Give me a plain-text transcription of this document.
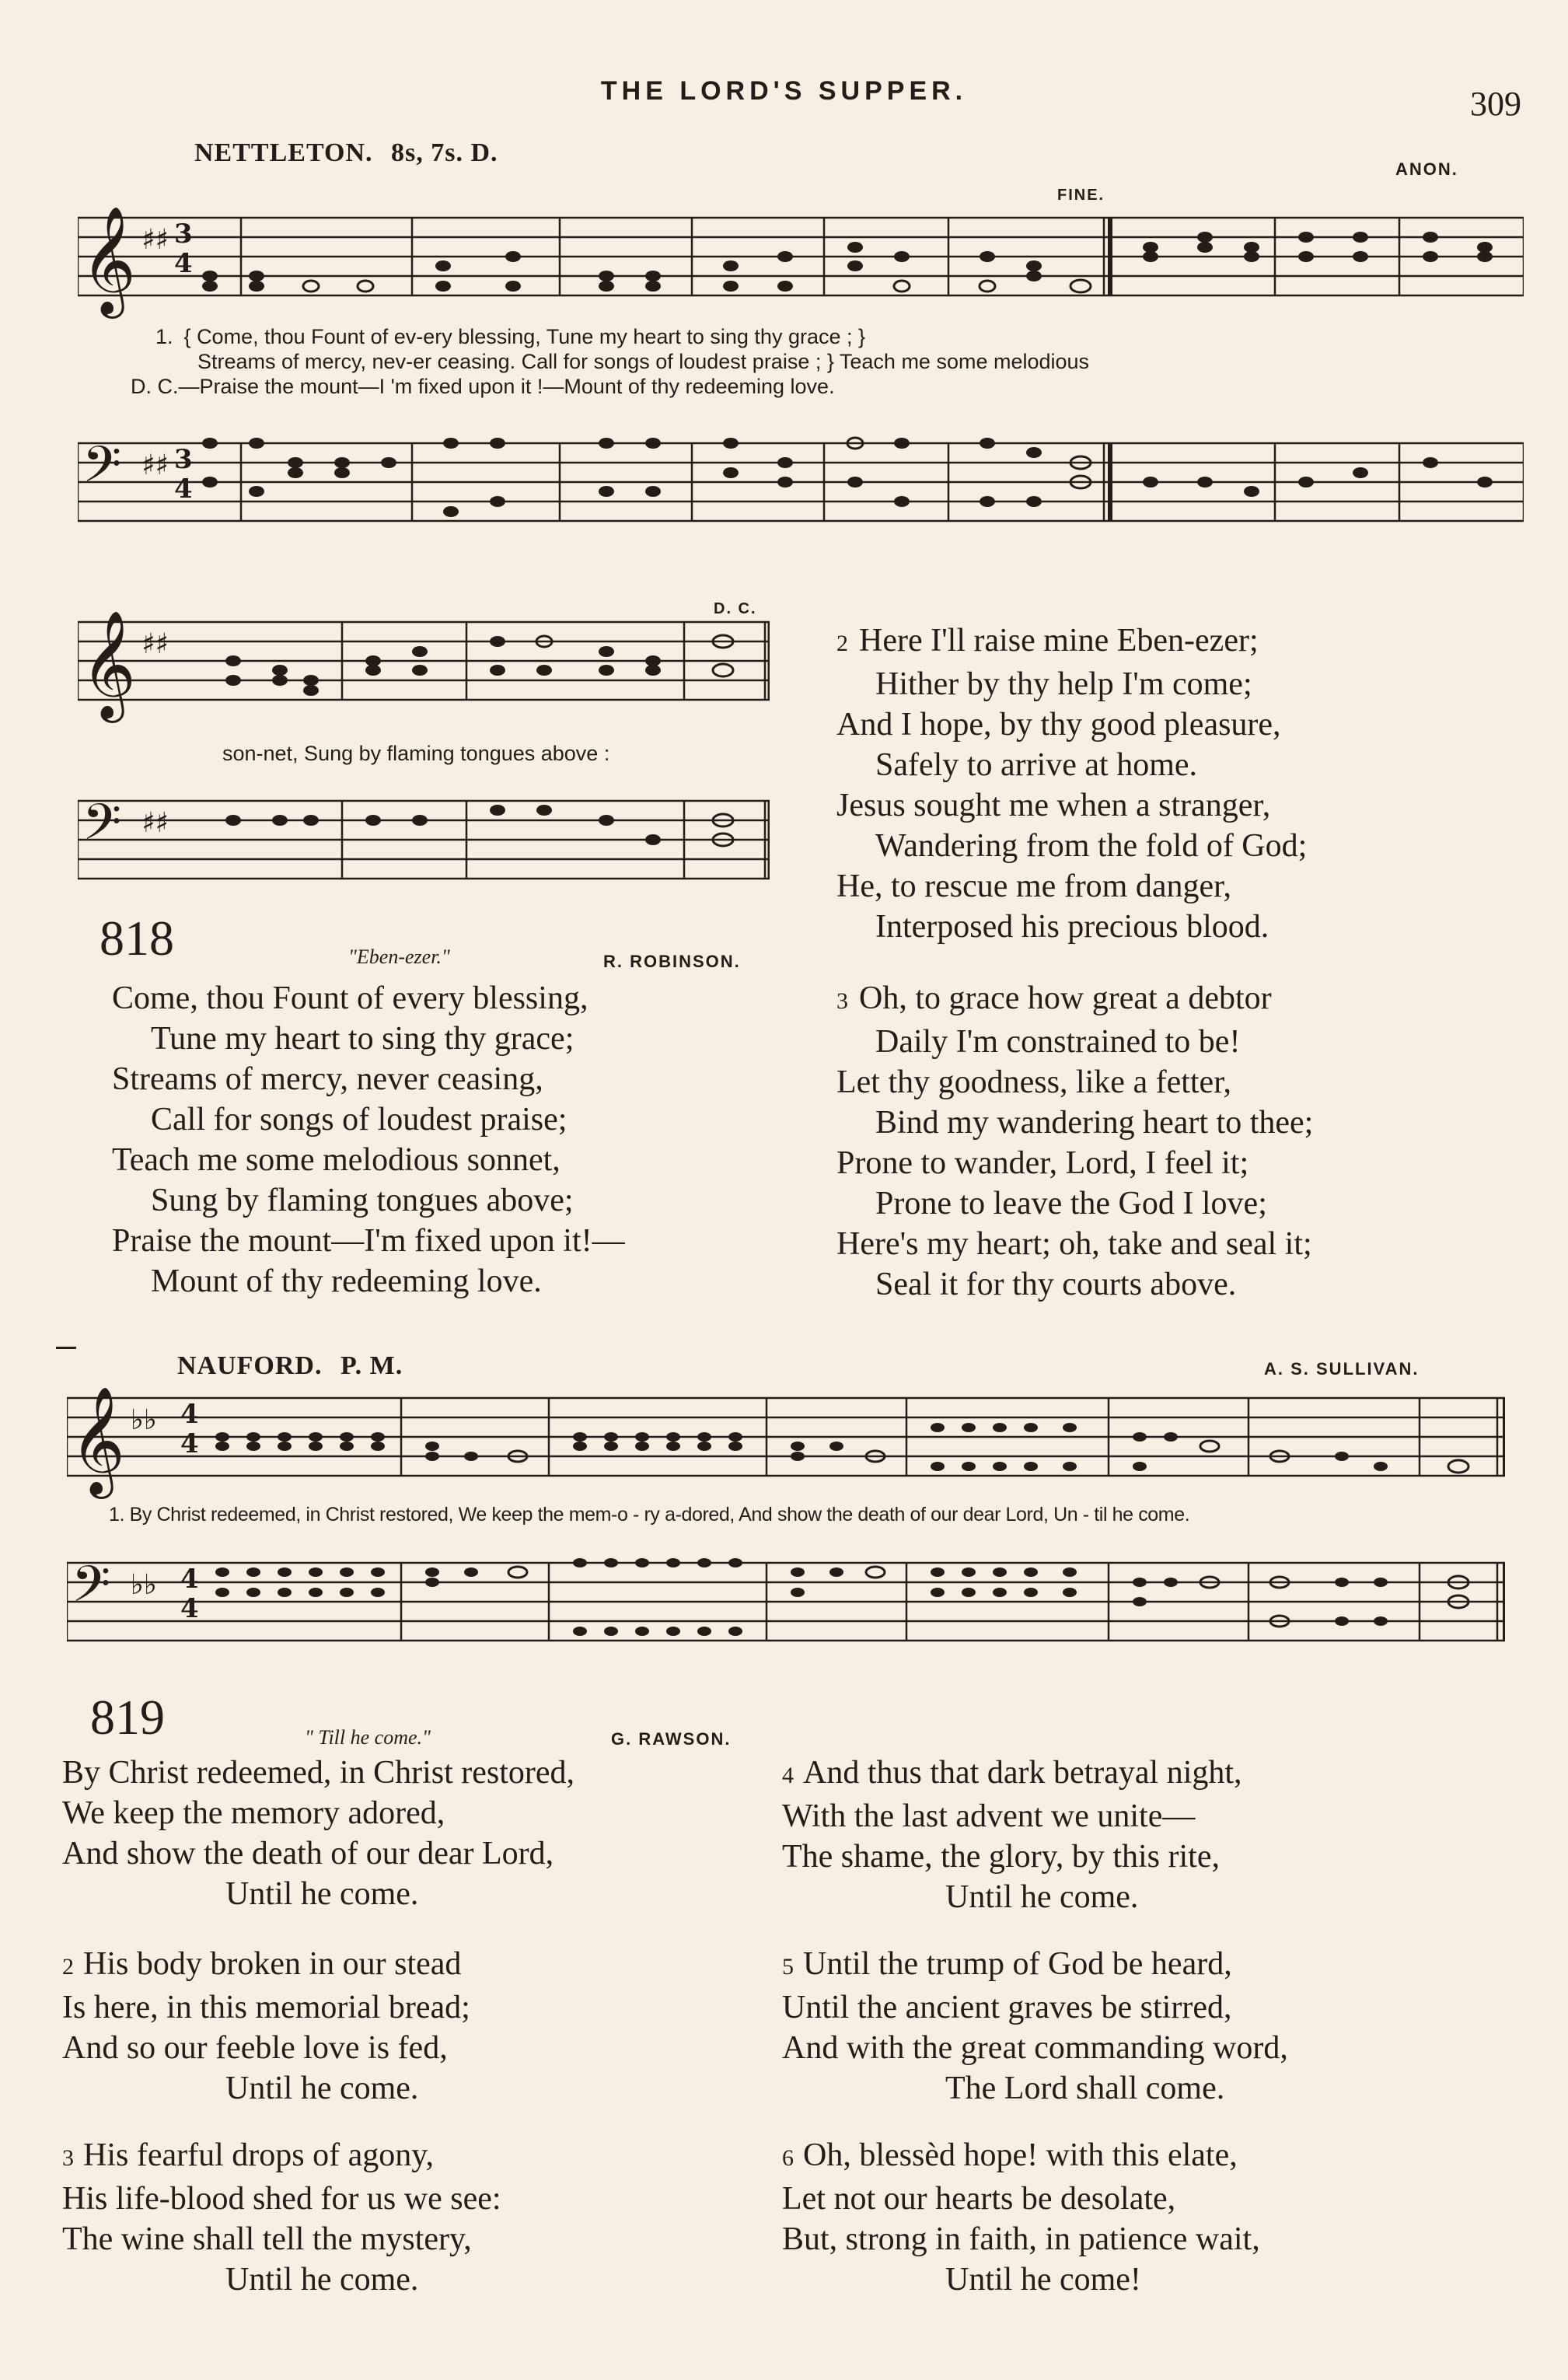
THE LORD'S SUPPER.	309
NETTLETON. 8s, 7s. D.
ANON.
FINE.
𝄞 ♯♯ 3
4
1. { Come, thou Fount of ev-ery blessing, Tune my heart to sing thy grace ; }
Streams of mercy, nev-er ceasing. Call for songs of loudest praise ; } Teach me some melodious
D. C.—Praise the mount—I 'm fixed upon it !—Mount of thy redeeming love.
𝄢 ♯♯ 3
4
𝄞 ♯♯
D. C.
son-net, Sung by flaming tongues above :
𝄢 ♯♯
818	"Eben-ezer."	R. ROBINSON.
Come, thou Fount of every blessing,
Tune my heart to sing thy grace;
Streams of mercy, never ceasing,
Call for songs of loudest praise;
Teach me some melodious sonnet,
Sung by flaming tongues above;
Praise the mount—I'm fixed upon it!—
Mount of thy redeeming love.
2 Here I'll raise mine Eben-ezer;
Hither by thy help I'm come;
And I hope, by thy good pleasure,
Safely to arrive at home.
Jesus sought me when a stranger,
Wandering from the fold of God;
He, to rescue me from danger,
Interposed his precious blood.
3 Oh, to grace how great a debtor
Daily I'm constrained to be!
Let thy goodness, like a fetter,
Bind my wandering heart to thee;
Prone to wander, Lord, I feel it;
Prone to leave the God I love;
Here's my heart; oh, take and seal it;
Seal it for thy courts above.
NAUFORD. P. M.	A. S. SULLIVAN.
𝄞 ♭♭ 4
4
1. By Christ redeemed, in Christ restored, We keep the mem-o - ry a-dored, And show the death of our dear Lord, Un - til he come.
𝄢 ♭♭ 4
4
819	" Till he come."	G. RAWSON.
By Christ redeemed, in Christ restored,
We keep the memory adored,
And show the death of our dear Lord,
Until he come.
2 His body broken in our stead
Is here, in this memorial bread;
And so our feeble love is fed,
Until he come.
3 His fearful drops of agony,
His life-blood shed for us we see:
The wine shall tell the mystery,
Until he come.
4 And thus that dark betrayal night,
With the last advent we unite—
The shame, the glory, by this rite,
Until he come.
5 Until the trump of God be heard,
Until the ancient graves be stirred,
And with the great commanding word,
The Lord shall come.
6 Oh, blessèd hope! with this elate,
Let not our hearts be desolate,
But, strong in faith, in patience wait,
Until he come!
